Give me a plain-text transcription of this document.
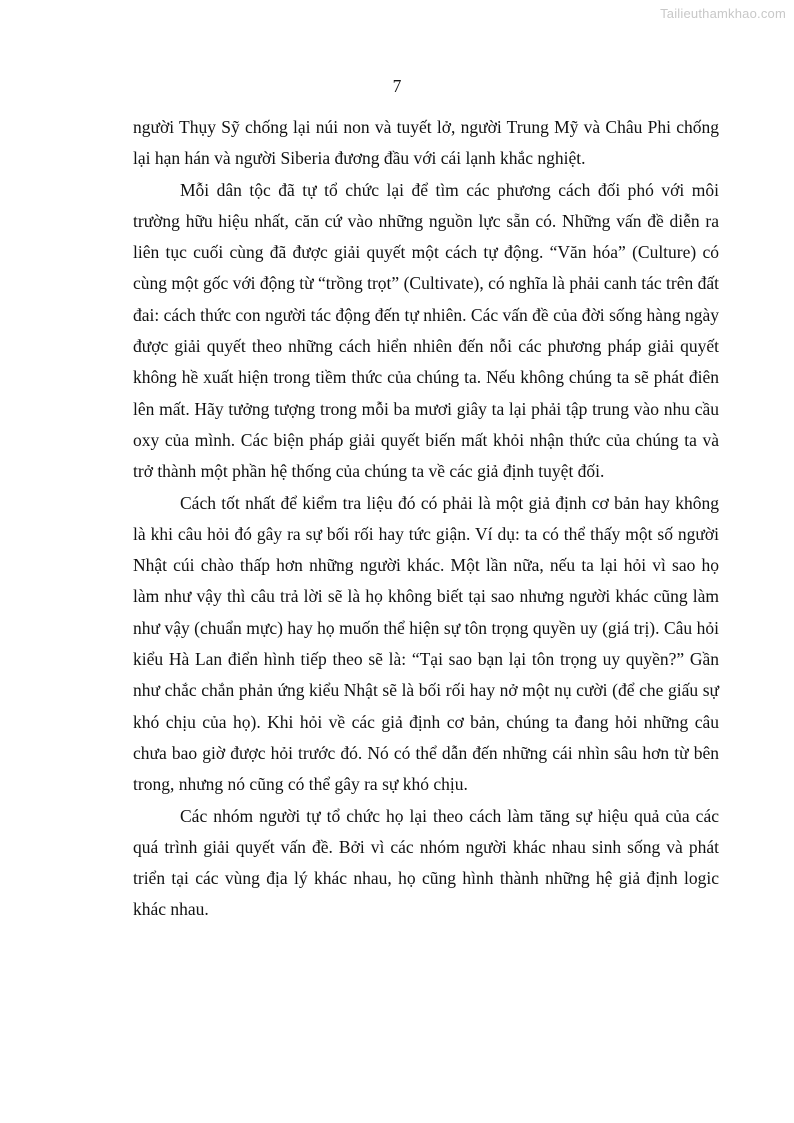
Tailieuthamkhao.com
7

người Thụy Sỹ chống lại núi non và tuyết lở, người Trung Mỹ và Châu Phi chống lại hạn hán và người Siberia đương đầu với cái lạnh khắc nghiệt.

Mỗi dân tộc đã tự tổ chức lại để tìm các phương cách đối phó với môi trường hữu hiệu nhất, căn cứ vào những nguồn lực sẵn có. Những vấn đề diễn ra liên tục cuối cùng đã được giải quyết một cách tự động. “Văn hóa” (Culture) có cùng một gốc với động từ “trồng trọt” (Cultivate), có nghĩa là phải canh tác trên đất đai: cách thức con người tác động đến tự nhiên. Các vấn đề của đời sống hàng ngày được giải quyết theo những cách hiển nhiên đến nỗi các phương pháp giải quyết không hề xuất hiện trong tiềm thức của chúng ta. Nếu không chúng ta sẽ phát điên lên mất. Hãy tưởng tượng trong mỗi ba mươi giây ta lại phải tập trung vào nhu cầu oxy của mình. Các biện pháp giải quyết biến mất khỏi nhận thức của chúng ta và trở thành một phần hệ thống của chúng ta về các giả định tuyệt đối.

Cách tốt nhất để kiểm tra liệu đó có phải là một giả định cơ bản hay không là khi câu hỏi đó gây ra sự bối rối hay tức giận. Ví dụ: ta có thể thấy một số người Nhật cúi chào thấp hơn những người khác. Một lần nữa, nếu ta lại hỏi vì sao họ làm như vậy thì câu trả lời sẽ là họ không biết tại sao nhưng người khác cũng làm như vậy (chuẩn mực) hay họ muốn thể hiện sự tôn trọng quyền uy (giá trị). Câu hỏi kiểu Hà Lan điển hình tiếp theo sẽ là: “Tại sao bạn lại tôn trọng uy quyền?” Gần như chắc chắn phản ứng kiểu Nhật sẽ là bối rối hay nở một nụ cười (để che giấu sự khó chịu của họ). Khi hỏi về các giả định cơ bản, chúng ta đang hỏi những câu chưa bao giờ được hỏi trước đó. Nó có thể dẫn đến những cái nhìn sâu hơn từ bên trong, nhưng nó cũng có thể gây ra sự khó chịu.

Các nhóm người tự tổ chức họ lại theo cách làm tăng sự hiệu quả của các quá trình giải quyết vấn đề. Bởi vì các nhóm người khác nhau sinh sống và phát triển tại các vùng địa lý khác nhau, họ cũng hình thành những hệ giả định logic khác nhau.
